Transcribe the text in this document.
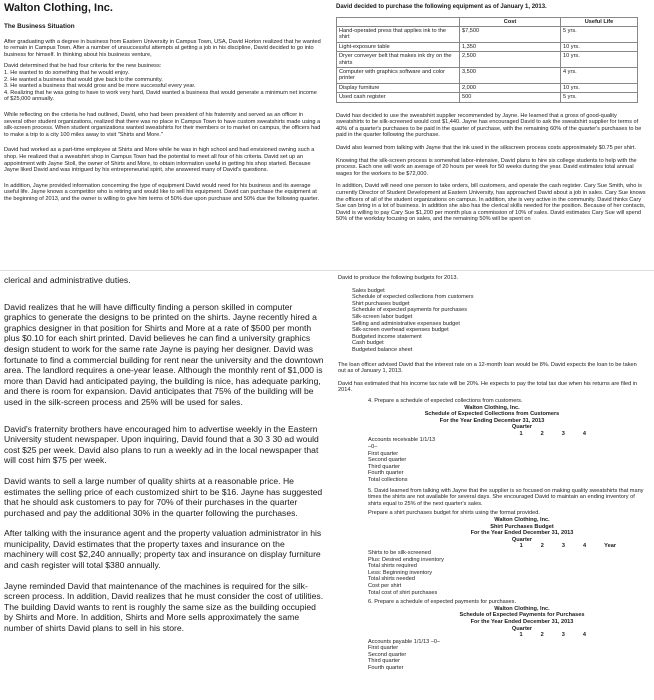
Walton Clothing, Inc.
The Business Situation

After graduating with a degree in business from Eastern University in Campus Town, USA, David Horton realized that he wanted to remain in Campus Town. After a number of unsuccessful attempts at getting a job in his discipline, David decided to go into business for himself. In thinking about his business venture,

David determined that he had four criteria for the new business:
1. He wanted to do something that he would enjoy.
2. He wanted a business that would give back to the community.
3. He wanted a business that would grow and be more successful every year.

4. Realizing that he was going to have to work very hard, David wanted a business that would generate a minimum net income of $25,000 annually.

While reflecting on the criteria he had outlined, David, who had been president of his fraternity and served as an officer in several other student organizations, realized that there was no place in Campus Town to have custom sweatshirts made using a silk-screen process. When student organizations wanted sweatshirts for their members or to market on campus, the officers had to make a trip to a city 100 miles away to visit "Shirts and More."

David had worked as a part-time employee at Shirts and More while he was in high school and had envisioned owning such a shop. He realized that a sweatshirt shop in Campus Town had the potential to meet all four of his criteria. David set up an appointment with Jayne Stoll, the owner of Shirts and More, to obtain information useful in getting his shop started. Because Jayne liked David and was intrigued by his entrepreneurial spirit, she answered many of David's questions.

In addition, Jayne provided information concerning the type of equipment David would need for his business and its average useful life. Jayne knows a competitor who is retiring and would like to sell his equipment. David can purchase the equipment at the beginning of 2013, and the owner is willing to give him terms of 50% due upon purchase and 50% due the following quarter.

David decided to purchase the following equipment as of January 1, 2013.
	Cost	Useful Life
Hand-operated press that applies ink to the shirt	$7,500	5 yrs.
Light-exposure table	1,350	10 yrs.
Dryer conveyer belt that makes ink dry on the shirts	2,500	10 yrs.
Computer with graphics software and color printer	3,500	4 yrs.
Display furniture	2,000	10 yrs.
Used cash register	500	5 yrs.

David has decided to use the sweatshirt supplier recommended by Jayne. He learned that a gross of good-quality sweatshirts to be silk-screened would cost $1,440. Jayne has encouraged David to ask the sweatshirt supplier for terms of 40% of a quarter's purchases to be paid in the quarter of purchase, with the remaining 60% of the quarter's purchases to be paid in the quarter following the purchase.

David also learned from talking with Jayne that the ink used in the silkscreen process costs approximately $0.75 per shirt.

Knowing that the silk-screen process is somewhat labor-intensive, David plans to hire six college students to help with the process. Each one will work an average of 20 hours per week for 50 weeks during the year. David estimates total annual wages for the workers to be $72,000.

In addition, David will need one person to take orders, bill customers, and operate the cash register. Cary Sue Smith, who is currently Director of Student Development at Eastern University, has approached David about a job in sales. Cary Sue knows the officers of all of the student organizations on campus. In addition, she is very active in the community. David thinks Cary Sue can bring in a lot of business. In addition she also has the clerical skills needed for the position. Because of her contacts, David is willing to pay Cary Sue $1,200 per month plus a commission of 10% of sales. David estimates Cary Sue will spend 50% of the workday focusing on sales, and the remaining 50% will be spent on

clerical and administrative duties.

David realizes that he will have difficulty finding a person skilled in computer graphics to generate the designs to be printed on the shirts. Jayne recently hired a graphics designer in that position for Shirts and More at a rate of $500 per month plus $0.10 for each shirt printed. David believes he can find a university graphics design student to work for the same rate Jayne is paying her designer. David was fortunate to find a commercial building for rent near the university and the downtown area. The landlord requires a one-year lease. Although the monthly rent of $1,000 is more than David had anticipated paying, the building is nice, has adequate parking, and there is room for expansion. David anticipates that 75% of the building will be used in the silk-screen process and 25% will be used for sales.

David's fraternity brothers have encouraged him to advertise weekly in the Eastern University student newspaper. Upon inquiring, David found that a 30 3 30 ad would cost $25 per week. David also plans to run a weekly ad in the local newspaper that will cost him $75 per week.

David wants to sell a large number of quality shirts at a reasonable price. He estimates the selling price of each customized shirt to be $16. Jayne has suggested that he should ask customers to pay for 70% of their purchases in the quarter purchased and pay the additional 30% in the quarter following the purchases.

After talking with the insurance agent and the property valuation administrator in his municipality, David estimates that the property taxes and insurance on the machinery will cost $2,240 annually; property tax and insurance on display furniture and cash register will total $380 annually.

Jayne reminded David that maintenance of the machines is required for the silk-screen process. In addition, David realizes that he must consider the cost of utilities. The building David wants to rent is roughly the same size as the building occupied by Shirts and More. In addition, Shirts and More sells approximately the same number of shirts David plans to sell in his store.

David to produce the following budgets for 2013.
Sales budget
Schedule of expected collections from customers
Shirt purchases budget
Schedule of expected payments for purchases
Silk-screen labor budget
Selling and administrative expenses budget
Silk-screen overhead expenses budget
Budgeted income statement
Cash budget
Budgeted balance sheet

The loan officer advised David that the interest rate on a 12-month loan would be 8%. David expects the loan to be taken out as of January 1, 2013.

David has estimated that his income tax rate will be 20%. He expects to pay the total tax due when his returns are filed in 2014.

4. Prepare a schedule of expected collections from customers.
Walton Clothing, Inc.
Schedule of Expected Collections from Customers
For the Year Ending December 31, 2013
Quarter
1	2	3	4
Accounts receivable 1/1/13 –0–
First quarter
Second quarter
Third quarter
Fourth quarter
Total collections

5. David learned from talking with Jayne that the supplier is so focused on making quality sweatshirts that many times the shirts are not available for several days. She encouraged David to maintain an ending inventory of shirts equal to 25% of the next quarter's sales.

Prepare a shirt purchases budget for shirts using the format provided.
Walton Clothing, Inc.
Shirt Purchases Budget
For the Year Ended December 31, 2013
Quarter
1	2	3	4	Year
Shirts to be silk-screened
Plus: Desired ending inventory
Total shirts required
Less: Beginning inventory
Total shirts needed
Cost per shirt
Total cost of shirt purchases
6. Prepare a schedule of expected payments for purchases.
Walton Clothing, Inc.
Schedule of Expected Payments for Purchases
For the Year Ended December 31, 2013
Quarter
1	2	3	4
Accounts payable 1/1/13 –0–
First quarter
Second quarter
Third quarter
Fourth quarter
